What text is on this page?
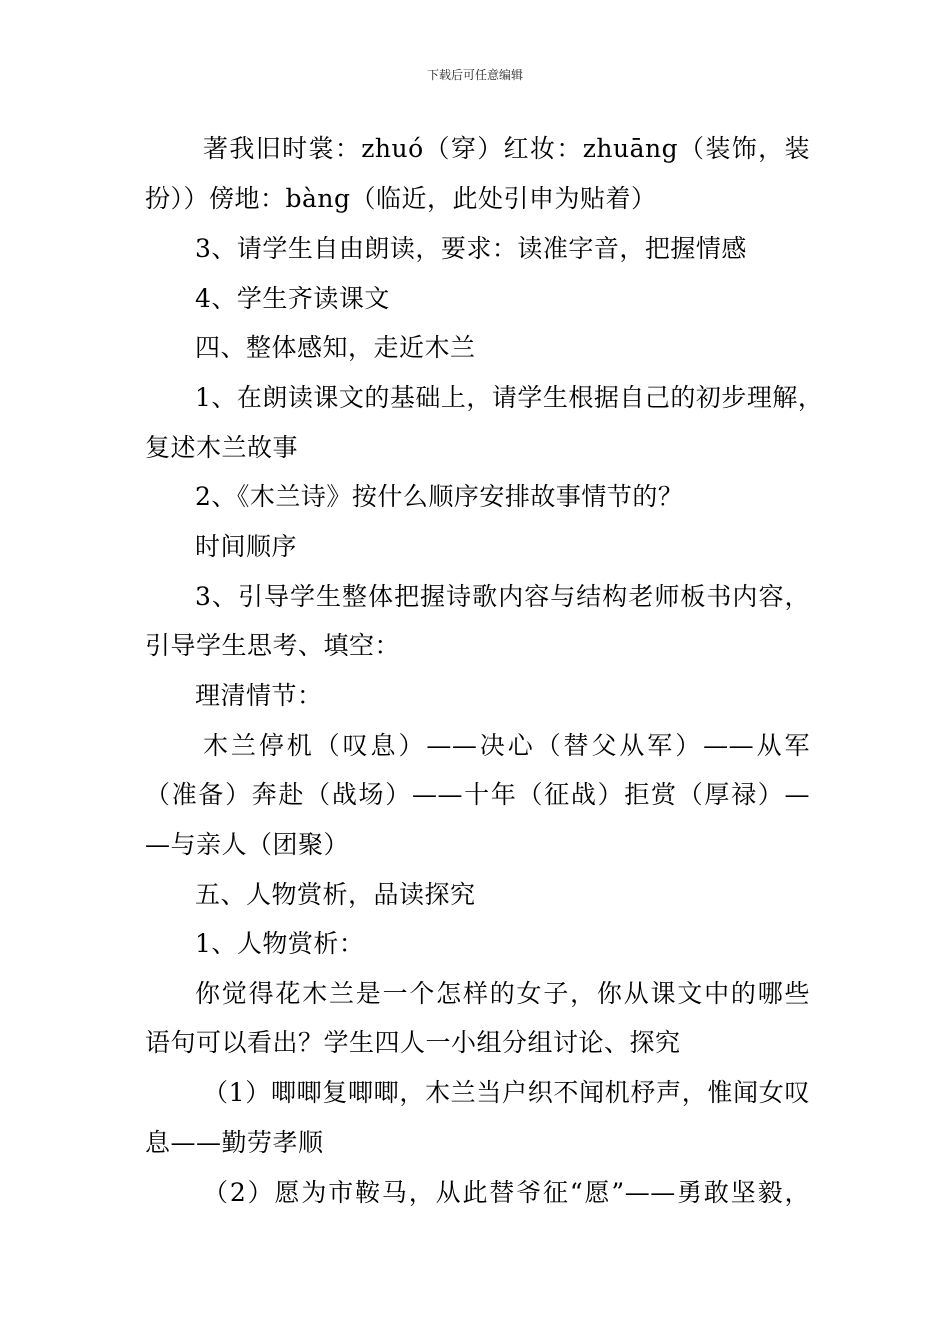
下载后可任意编辑
著我旧时裳：zhuó（穿）红妆：zhuāng（装饰，装
扮））傍地：bàng（临近，此处引申为贴着）
3、请学生自由朗读，要求：读准字音，把握情感
4、学生齐读课文
四、整体感知，走近木兰
1、在朗读课文的基础上，请学生根据自己的初步理解，
复述木兰故事
2、《木兰诗》按什么顺序安排故事情节的？
时间顺序
3、引导学生整体把握诗歌内容与结构老师板书内容，
引导学生思考、填空：
理清情节：
木兰停机（叹息）——决心（替父从军）——从军
（准备）奔赴（战场）——十年（征战）拒赏（厚禄）—
—与亲人（团聚）
五、人物赏析，品读探究
1、人物赏析：
你觉得花木兰是一个怎样的女子，你从课文中的哪些
语句可以看出？学生四人一小组分组讨论、探究
（1）唧唧复唧唧，木兰当户织不闻机杼声，惟闻女叹
息——勤劳孝顺
（2）愿为市鞍马，从此替爷征“愿”——勇敢坚毅，
